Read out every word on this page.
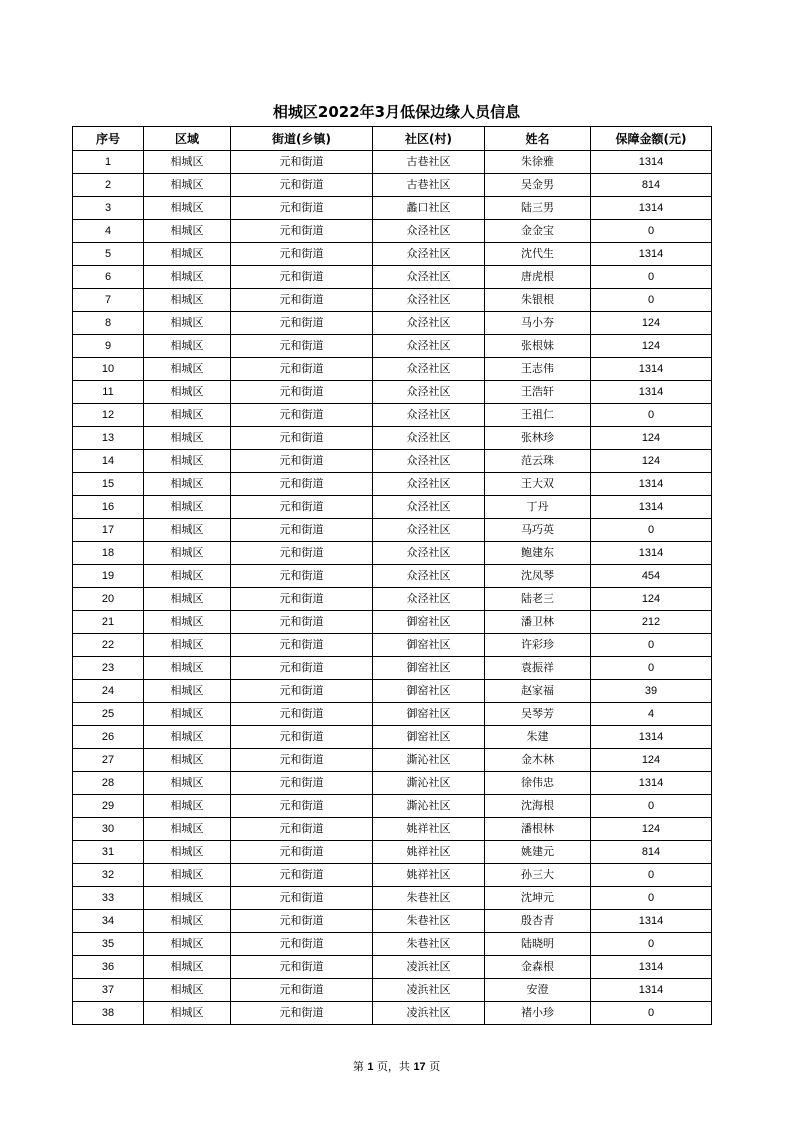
相城区2022年3月低保边缘人员信息
序号	区域	街道(乡镇)	社区(村)	姓名	保障金额(元)
1	相城区	元和街道	古巷社区	朱徐雅	1314
2	相城区	元和街道	古巷社区	吴金男	814
3	相城区	元和街道	蠡口社区	陆三男	1314
4	相城区	元和街道	众泾社区	金金宝	0
5	相城区	元和街道	众泾社区	沈代生	1314
6	相城区	元和街道	众泾社区	唐虎根	0
7	相城区	元和街道	众泾社区	朱银根	0
8	相城区	元和街道	众泾社区	马小夯	124
9	相城区	元和街道	众泾社区	张根妹	124
10	相城区	元和街道	众泾社区	王志伟	1314
11	相城区	元和街道	众泾社区	王浩轩	1314
12	相城区	元和街道	众泾社区	王祖仁	0
13	相城区	元和街道	众泾社区	张林珍	124
14	相城区	元和街道	众泾社区	范云珠	124
15	相城区	元和街道	众泾社区	王大双	1314
16	相城区	元和街道	众泾社区	丁丹	1314
17	相城区	元和街道	众泾社区	马巧英	0
18	相城区	元和街道	众泾社区	鲍建东	1314
19	相城区	元和街道	众泾社区	沈凤琴	454
20	相城区	元和街道	众泾社区	陆老三	124
21	相城区	元和街道	御窑社区	潘卫林	212
22	相城区	元和街道	御窑社区	许彩珍	0
23	相城区	元和街道	御窑社区	袁振祥	0
24	相城区	元和街道	御窑社区	赵家福	39
25	相城区	元和街道	御窑社区	吴琴芳	4
26	相城区	元和街道	御窑社区	朱建	1314
27	相城区	元和街道	澌沁社区	金木林	124
28	相城区	元和街道	澌沁社区	徐伟忠	1314
29	相城区	元和街道	澌沁社区	沈海根	0
30	相城区	元和街道	姚祥社区	潘根林	124
31	相城区	元和街道	姚祥社区	姚建元	814
32	相城区	元和街道	姚祥社区	孙三大	0
33	相城区	元和街道	朱巷社区	沈坤元	0
34	相城区	元和街道	朱巷社区	殷杏青	1314
35	相城区	元和街道	朱巷社区	陆晓明	0
36	相城区	元和街道	凌浜社区	金森根	1314
37	相城区	元和街道	凌浜社区	安澄	1314
38	相城区	元和街道	凌浜社区	褚小珍	0
第 1 页，共 17 页
